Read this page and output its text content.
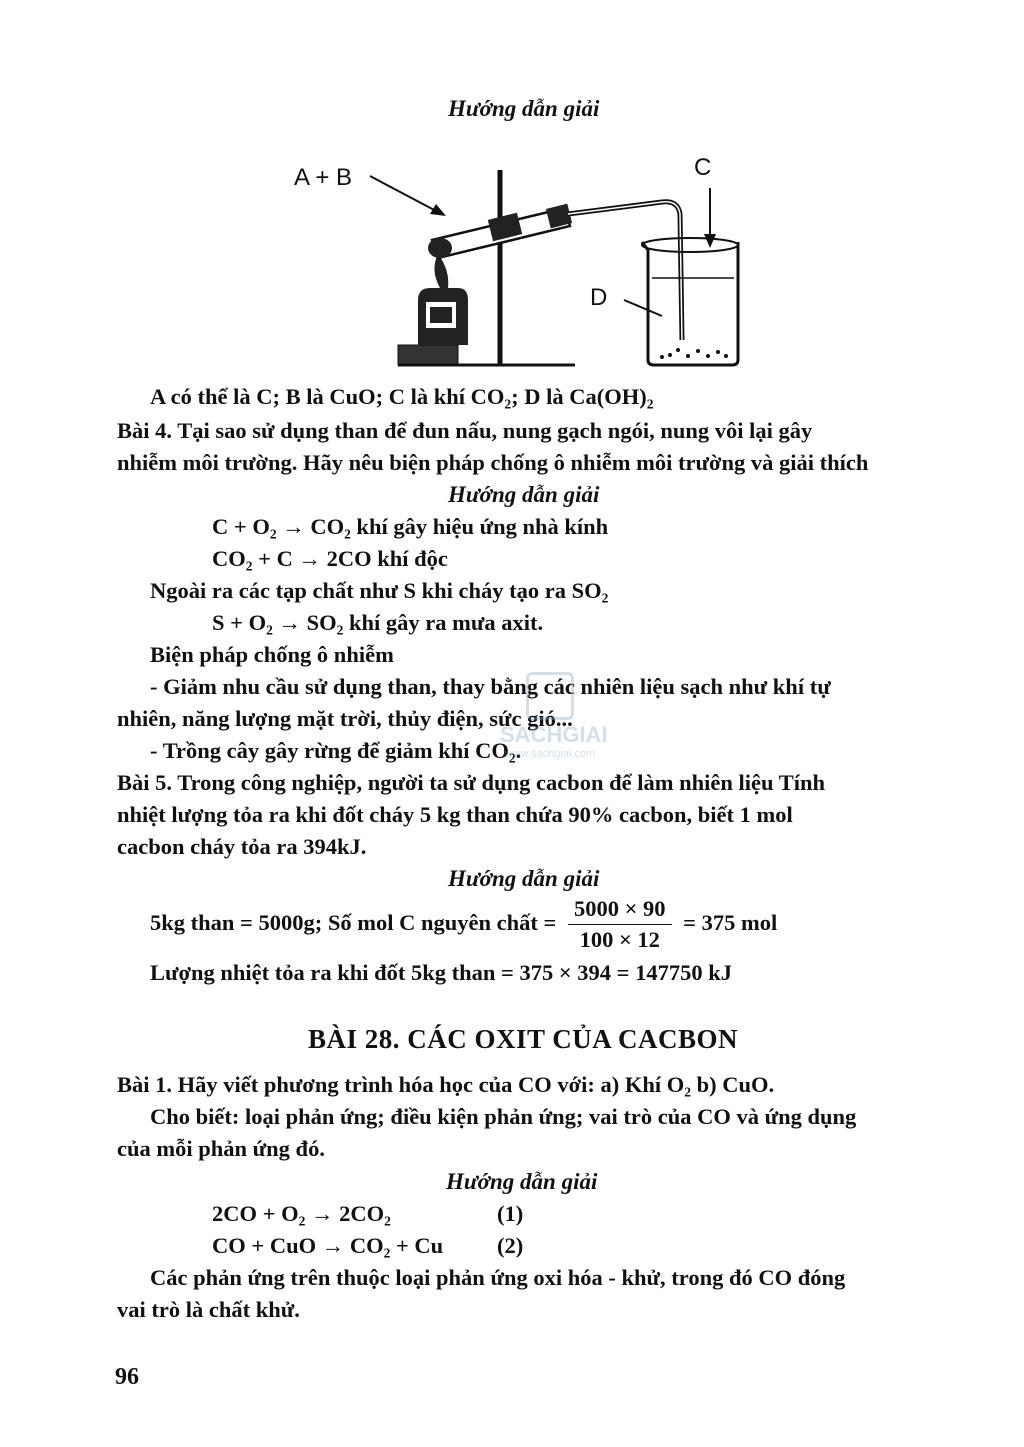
Hướng dẫn giải
A + B	C
D
A có thể là C; B là CuO; C là khí CO₂; D là Ca(OH)₂
Bài 4. Tại sao sử dụng than để đun nấu, nung gạch ngói, nung vôi lại gây
nhiễm môi trường. Hãy nêu biện pháp chống ô nhiễm môi trường và giải thích
Hướng dẫn giải
C + O₂ → CO₂ khí gây hiệu ứng nhà kính
CO₂ + C → 2CO khí độc
Ngoài ra các tạp chất như S khi cháy tạo ra SO₂
S + O₂ → SO₂ khí gây ra mưa axit.
Biện pháp chống ô nhiễm
- Giảm nhu cầu sử dụng than, thay bằng các nhiên liệu sạch như khí tự
nhiên, năng lượng mặt trời, thủy điện, sức gió...
- Trồng cây gây rừng để giảm khí CO₂.
SACHGIAI
www.sachgiai.com
Bài 5. Trong công nghiệp, người ta sử dụng cacbon để làm nhiên liệu Tính
nhiệt lượng tỏa ra khi đốt cháy 5 kg than chứa 90% cacbon, biết 1 mol
cacbon cháy tỏa ra 394kJ.
Hướng dẫn giải
5kg than = 5000g; Số mol C nguyên chất = $\frac{5000 \times 90}{100 \times 12} = 375$ mol
Lượng nhiệt tỏa ra khi đốt 5kg than = 375 × 394 = 147750 kJ
BÀI 28. CÁC OXIT CỦA CACBON
Bài 1. Hãy viết phương trình hóa học của CO với: a) Khí O₂ b) CuO.
Cho biết: loại phản ứng; điều kiện phản ứng; vai trò của CO và ứng dụng
của mỗi phản ứng đó.
Hướng dẫn giải
2CO + O₂ → 2CO₂	(1)
CO + CuO → CO₂ + Cu (2)
Các phản ứng trên thuộc loại phản ứng oxi hóa - khử, trong đó CO đóng
vai trò là chất khử.
96
